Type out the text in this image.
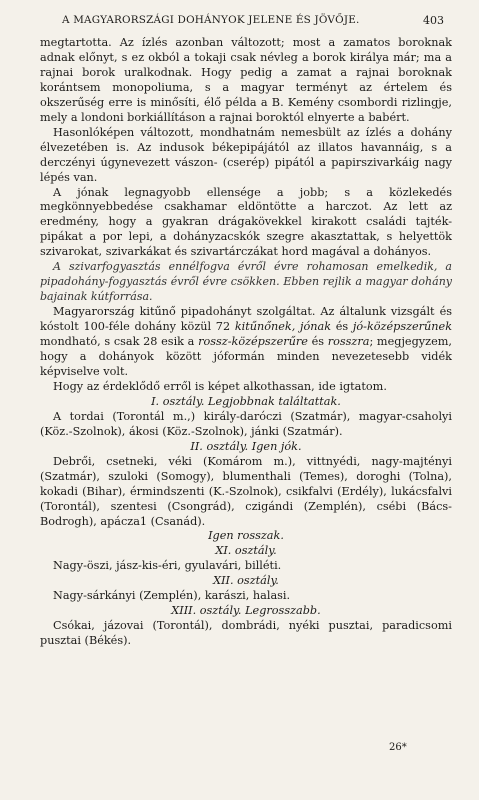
A MAGYARORSZÁGI DOHÁNYOK JELENE ÉS JÖVŐJE.	403

megtartotta. Az ízlés azonban változott; most a zamatos boroknak adnak előnyt, s ez okból a tokaji csak névleg a borok királya már; ma a rajnai borok uralkodnak. Hogy pedig a zamat a rajnai boroknak korántsem monopoliuma, s a magyar terményt az értelem és okszerűség erre is minősíti, élő példa a B. Kemény csombordi rizlingje, mely a londoni borkiállításon a rajnai boroktól elnyerte a babért.

Hasonlóképen változott, mondhatnám nemesbült az ízlés a dohány élvezetében is. Az indusok békepipájától az illatos havannáig, s a derczényi úgynevezett vászon- (cserép) pipától a papirszivarkáig nagy lépés van.

A jónak legnagyobb ellensége a jobb; s a közlekedés megkönnyebbedése csakhamar eldöntötte a harczot. Az lett az eredmény, hogy a gyakran drágakövekkel kirakott családi tajték-pipákat a por lepi, a dohányzacskók szegre akasztattak, s helyettök szivarokat, szivarkákat és szivartárczákat hord magával a dohányos.

A szivarfogyasztás ennélfogva évről évre rohamosan emelkedik, a pipadohány-fogyasztás évről évre csökken. Ebben rejlik a magyar dohány bajainak kútforrása.

Magyarország kitűnő pipadohányt szolgáltat. Az általunk vizsgált és kóstolt 100-féle dohány közül 72 kitűnőnek, jónak és jó-középszerűnek mondható, s csak 28 esik a rossz-középszerűre és rosszra; megjegyzem, hogy a dohányok között jóformán minden nevezetesebb vidék képviselve volt.

Hogy az érdeklődő erről is képet alkothassan, ide igtatom.

I. osztály. Legjobbnak találtattak.

A tordai (Torontál m.,) király-daróczi (Szatmár), magyar-csaholyi (Köz.-Szolnok), ákosi (Köz.-Szolnok), jánki (Szatmár).

II. osztály. Igen jók.

Debrői, csetneki, véki (Komárom m.), vittnyédi, nagy-majtényi (Szatmár), szuloki (Somogy), blumenthali (Temes), doroghi (Tolna), kokadi (Bihar), érmindszenti (K.-Szolnok), csikfalvi (Erdély), lukácsfalvi (Torontál), szentesi (Csongrád), czigándi (Zemplén), csébi (Bács-Bodrogh), apácza1 (Csanád).

Igen rosszak.

XI. osztály.

Nagy-öszi, jász-kis-éri, gyulavári, billéti.

XII. osztály.

Nagy-sárkányi (Zemplén), karászi, halasi.

XIII. osztály. Legrosszabb.

Csókai, jázovai (Torontál), dombrádi, nyéki pusztai, paradicsomi pusztai (Békés).

26*
